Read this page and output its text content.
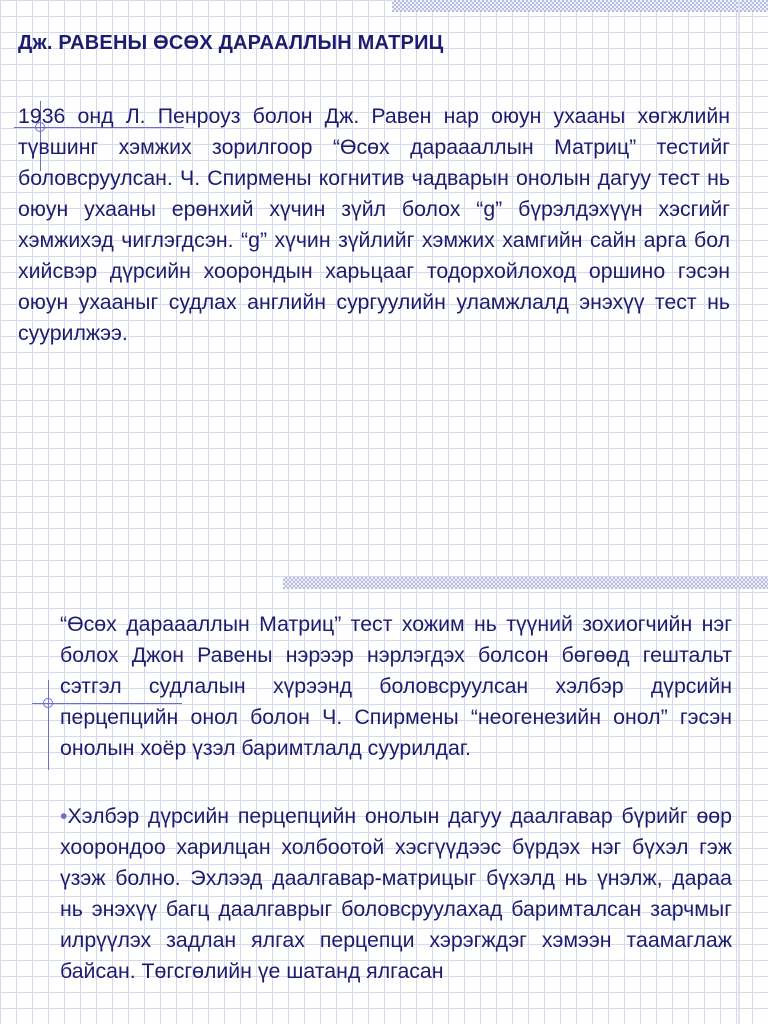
Дж. РАВЕНЫ ӨСӨХ ДАРААЛЛЫН МАТРИЦ
1936 онд Л. Пенроуз болон Дж. Равен нар оюун ухааны хөгжлийн түвшинг хэмжих зорилгоор “Өсөх дараааллын Матриц” тестийг боловсруулсан. Ч. Спирмены когнитив чадварын онолын дагуу тест нь оюун ухааны ерөнхий хүчин зүйл болох “g” бүрэлдэхүүн хэсгийг хэмжихэд чиглэгдсэн. “g” хүчин зүйлийг хэмжих хамгийн сайн арга бол хийсвэр дүрсийн хоорондын харьцааг тодорхойлоход оршино гэсэн оюун ухааныг судлах английн сургуулийн уламжлалд энэхүү тест нь суурилжээ.

“Өсөх дараааллын Матриц” тест хожим нь түүний зохиогчийн нэг болох Джон Равены нэрээр нэрлэгдэх болсон бөгөөд гештальт сэтгэл судлалын хүрээнд боловсруулсан хэлбэр дүрсийн перцепцийн онол болон Ч. Спирмены “неогенезийн онол” гэсэн онолын хоёр үзэл баримтлалд суурилдаг.

•Хэлбэр дүрсийн перцепцийн онолын дагуу даалгавар бүрийг өөр хоорондоо харилцан холбоотой хэсгүүдээс бүрдэх нэг бүхэл гэж үзэж болно. Эхлээд даалгавар-матрицыг бүхэлд нь үнэлж, дараа нь энэхүү багц даалгаврыг боловсруулахад баримталсан зарчмыг илрүүлэх задлан ялгах перцепци хэрэгждэг хэмээн таамаглаж байсан. Төгсгөлийн үе шатанд ялгасан
